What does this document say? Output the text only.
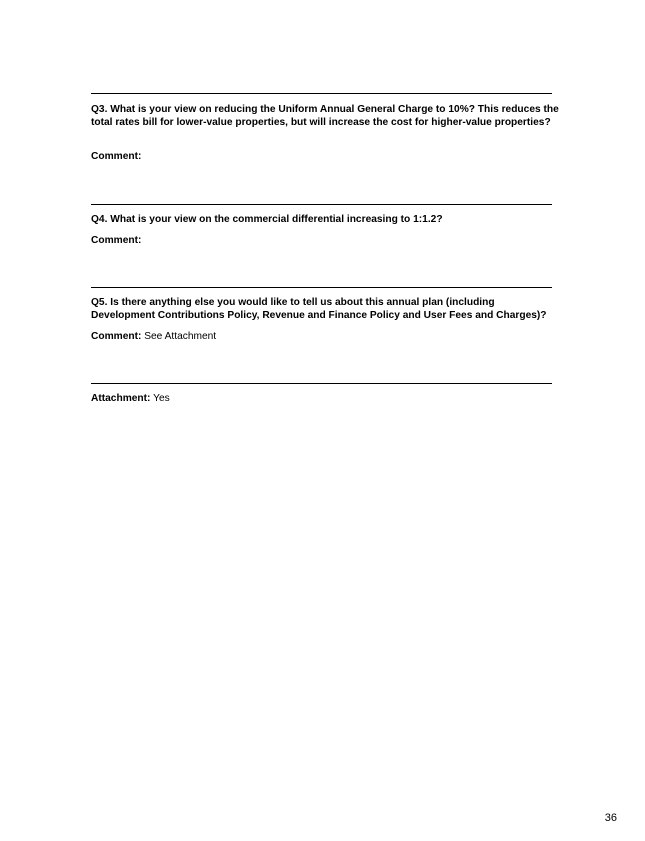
Q3. What is your view on reducing the Uniform Annual General Charge to 10%? This reduces the total rates bill for lower-value properties, but will increase the cost for higher-value properties?
Comment:
Q4. What is your view on the commercial differential increasing to 1:1.2?
Comment:
Q5. Is there anything else you would like to tell us about this annual plan (including Development Contributions Policy, Revenue and Finance Policy and User Fees and Charges)?
Comment: See Attachment
Attachment: Yes
36
